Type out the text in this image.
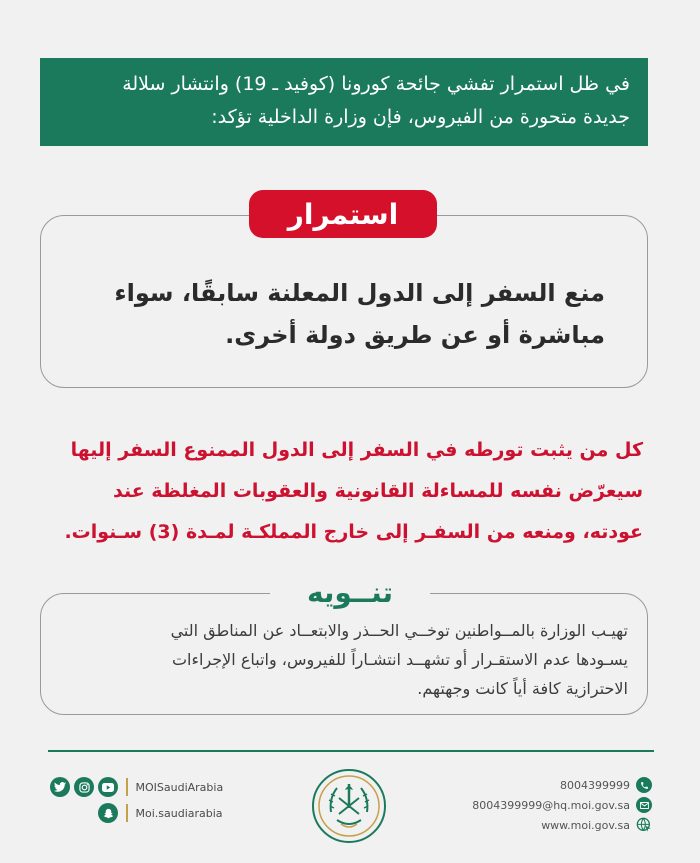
في ظل استمرار تفشي جائحة كورونا (كوفيد ـ 19) وانتشار سلالة

جديدة متحورة من الفيروس، فإن وزارة الداخلية تؤكد:

استمرار

منع السفر إلى الدول المعلنة سابقًا، سواء

مباشرة أو عن طريق دولة أخرى.

كل من يثبت تورطه في السفر إلى الدول الممنوع السفر إليها

سيعرّض نفسه للمساءلة القانونية والعقوبات المغلظة عند

عودته، ومنعه من السفـر إلى خارج المملكـة لمـدة (3) سـنوات.

تنــويه

تهيـب الوزارة بالمــواطنين توخــي الحــذر والابتعــاد عن المناطق التي

يسـودها عدم الاستقـرار أو تشهــد انتشـاراً للفيروس، واتباع الإجراءات

الاحترازية كافة أياً كانت وجهتهم.

MOISaudiArabia
Moi.saudiarabia
8004399999
8004399999@hq.moi.gov.sa
www.moi.gov.sa
